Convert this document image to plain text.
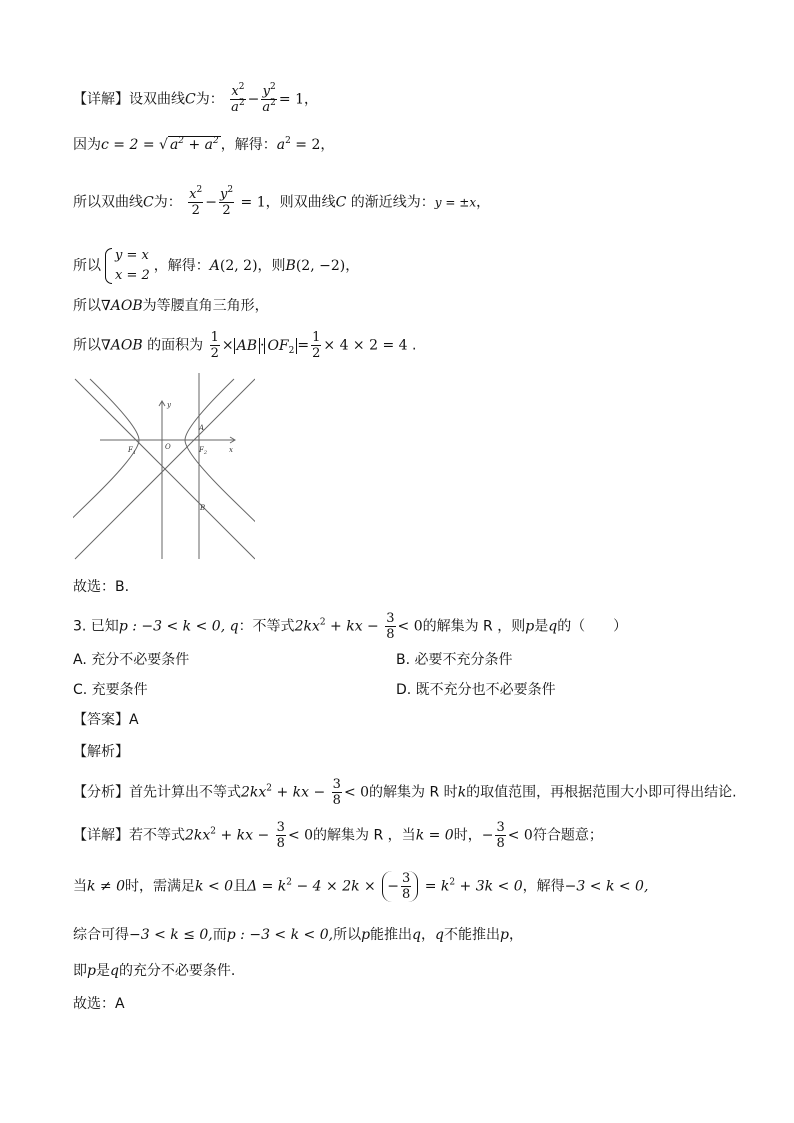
【详解】设双曲线C为： $\frac{x^2}{a^2} - \frac{y^2}{a^2} = 1$，
因为c = 2 = √ $a^2 + a^2$ ，解得：$a^2 = 2$，
所以双曲线C为： $\frac{x^2}{2} - \frac{y^2}{2} = 1$，则双曲线C 的渐近线为：y = ±x，
所以
y = x
x = 2
，解得：A(2, 2)，则B(2, −2)，
所以∇AOB为等腰直角三角形，
所以∇AOB 的面积为 $\frac{1}{2}$ × AB · $OF_2 = \frac{1}{2} \times 4 \times 2 = 4$ .
y
x
O
A
B
$F_1$	$F_2$
故选：B.
3. 已知p : −3 < k < 0, q：不等式$2kx^2$ + kx − $\frac{3}{8} < 0$的解集为 R ，则p是q的（　　）
A. 充分不必要条件	B. 必要不充分条件
C. 充要条件	D. 既不充分也不必要条件
【答案】A
【解析】
【分析】首先计算出不等式$2kx^2$ + kx − $\frac{3}{8} < 0$的解集为 R 时k的取值范围，再根据范围大小即可得出结论.
【详解】若不等式$2kx^2$ + kx − $\frac{3}{8} < 0$的解集为 R ，当k = 0时，− $\frac{3}{8} < 0$符合题意；
当k ≠ 0时，需满足k < 0且$\Delta = k^2 - 4 \times 2k$ × − $\frac{3}{8} = k^2 + 3k < 0$，解得−3 < k < 0,
综合可得−3 < k ≤ 0,而p : −3 < k < 0,所以p能推出q，q不能推出p，
即p是q的充分不必要条件.
故选：A
